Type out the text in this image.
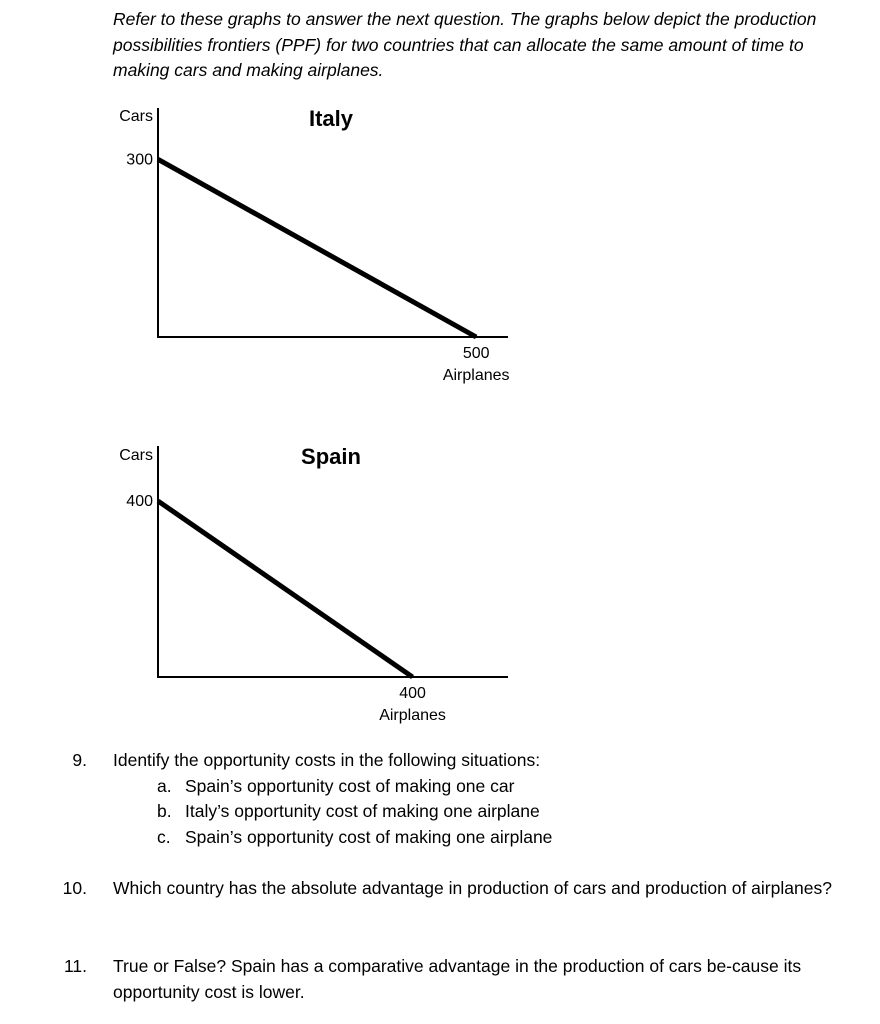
Refer to these graphs to answer the next question. The graphs below depict the production possibilities frontiers (PPF) for two countries that can allocate the same amount of time to making cars and making airplanes.
Cars
300
Italy
500
Airplanes
Cars
400
Spain
400
Airplanes
9. Identify the opportunity costs in the following situations:
a. Spain’s opportunity cost of making one car
b. Italy’s opportunity cost of making one airplane
c. Spain’s opportunity cost of making one airplane
10. Which country has the absolute advantage in production of cars and production of airplanes?
11. True or False? Spain has a comparative advantage in the production of cars be-cause its opportunity cost is lower.
